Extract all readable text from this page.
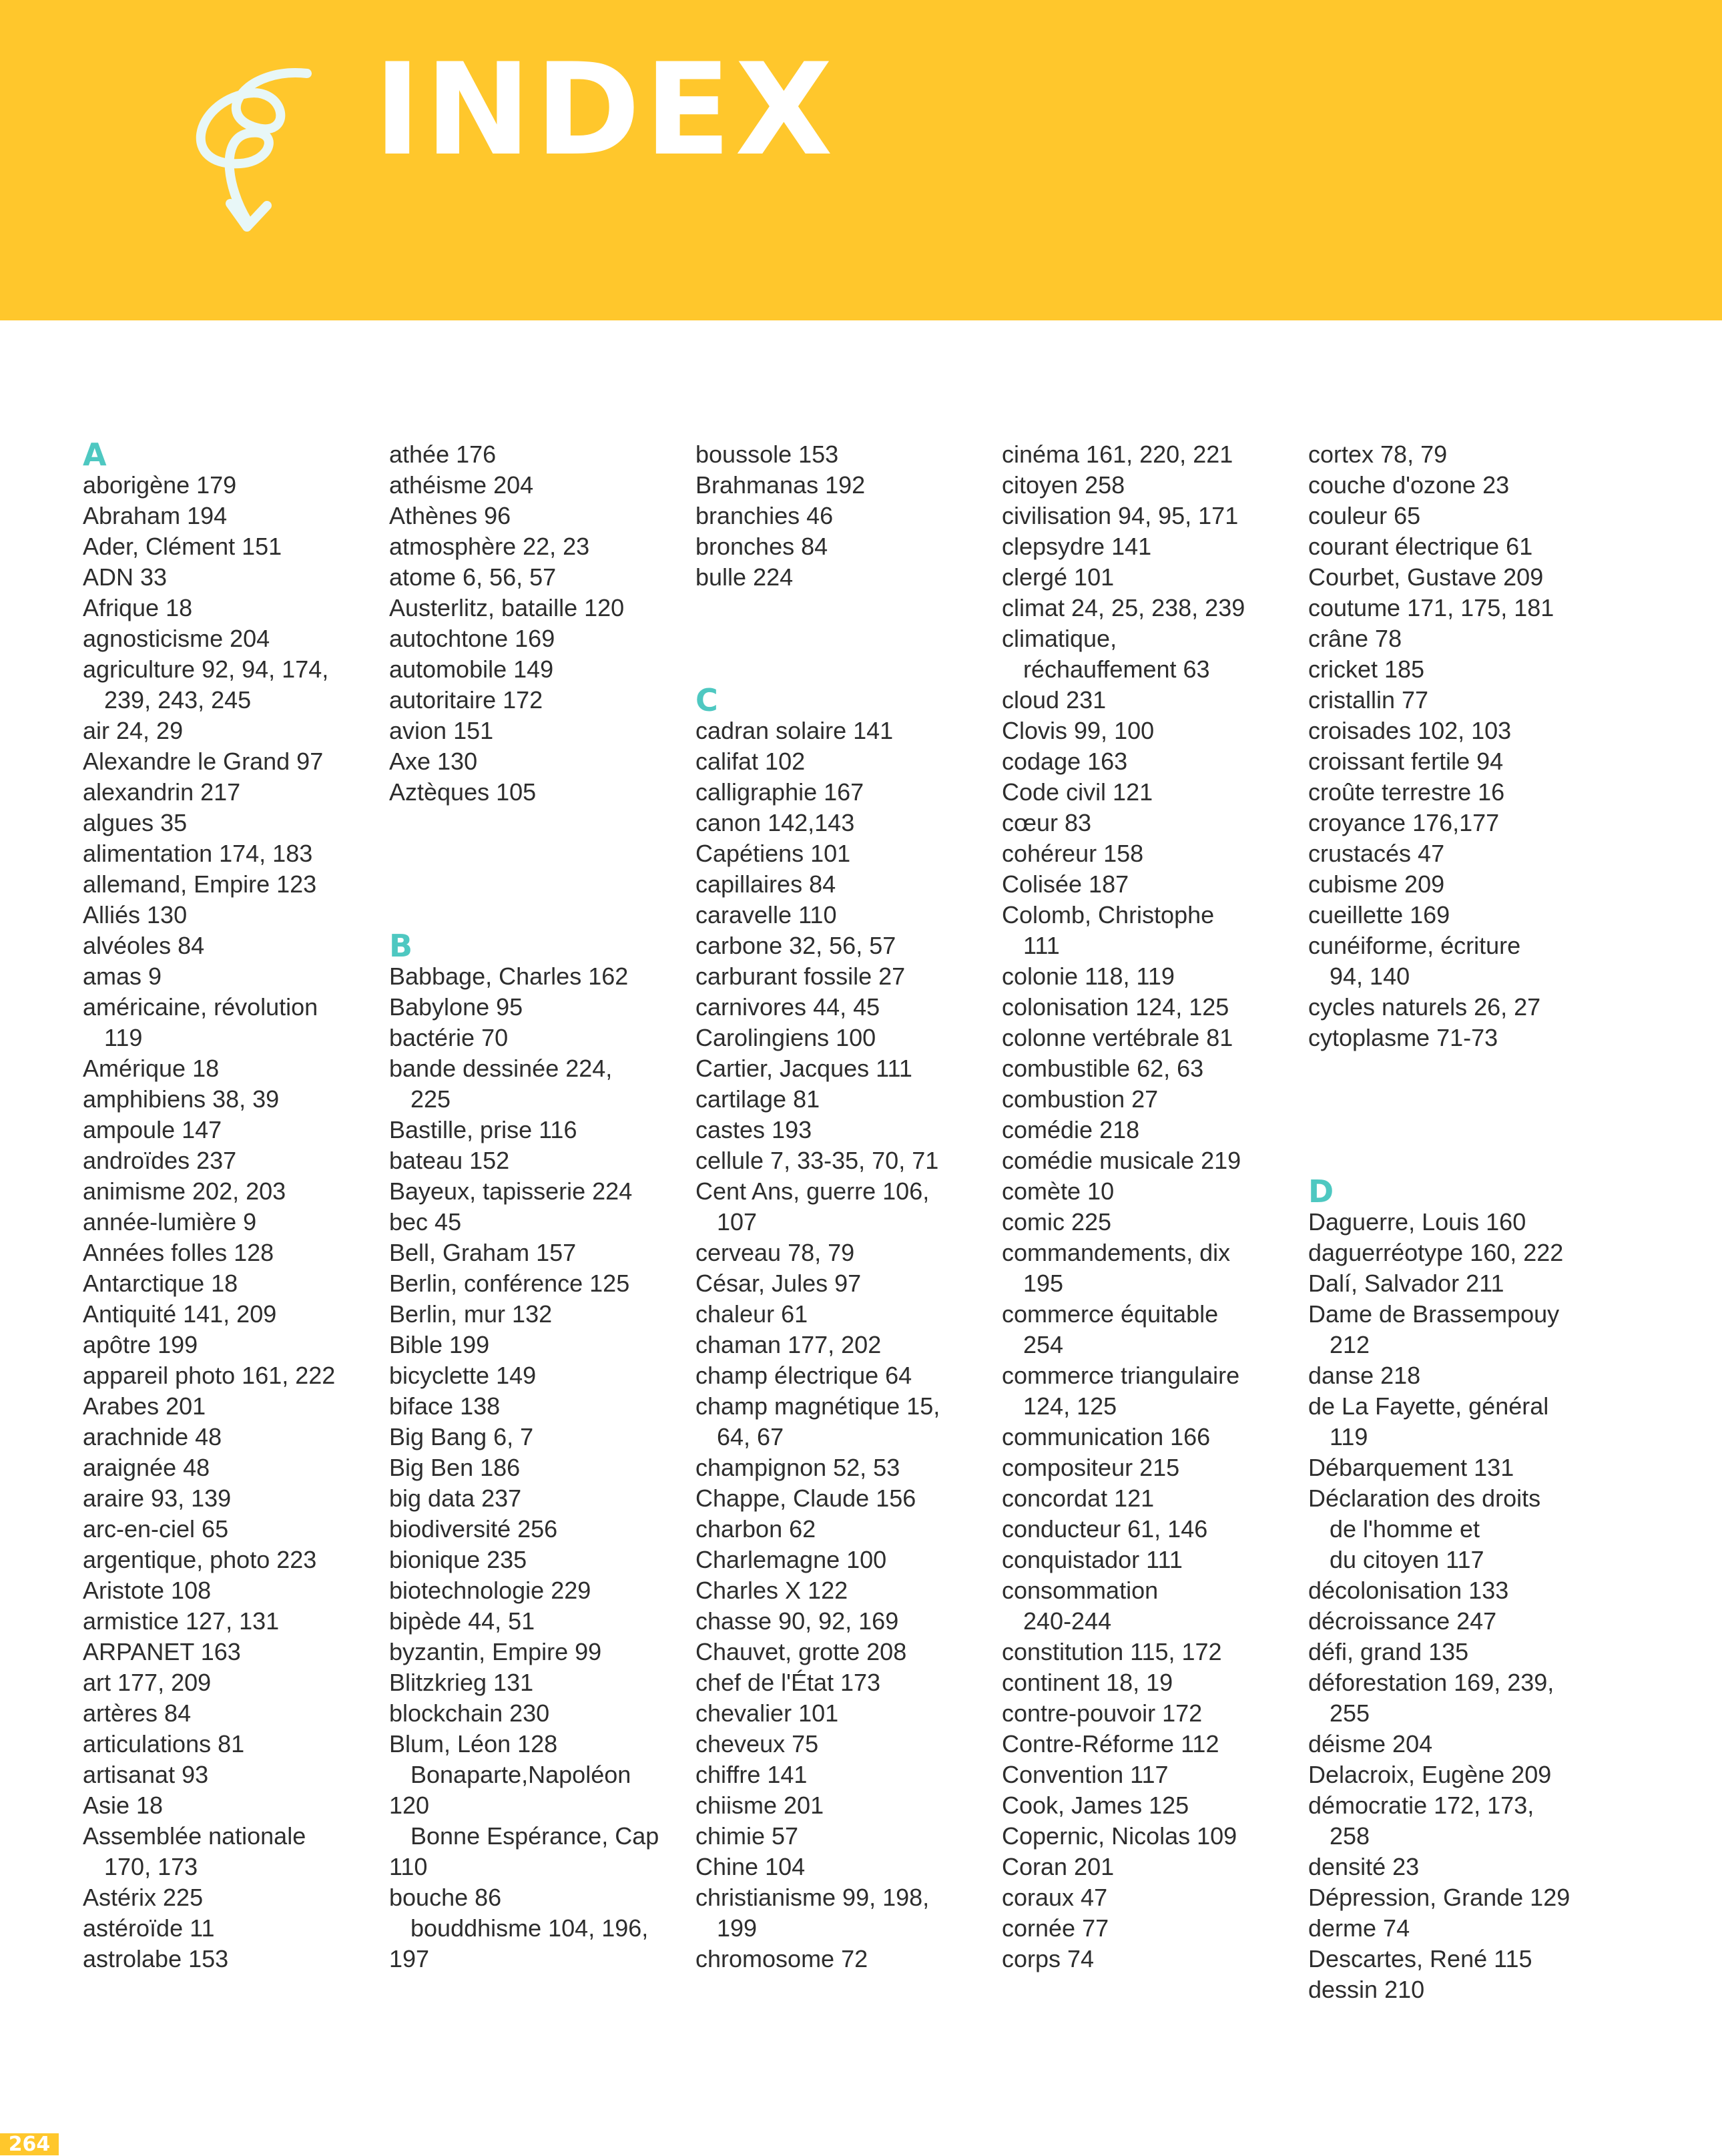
INDEX
A
aborigène 179
Abraham 194
Ader, Clément 151
ADN 33
Afrique 18
agnosticisme 204
agriculture 92, 94, 174,
239, 243, 245
air 24, 29
Alexandre le Grand 97
alexandrin 217
algues 35
alimentation 174, 183
allemand, Empire 123
Alliés 130
alvéoles 84
amas 9
américaine, révolution
119
Amérique 18
amphibiens 38, 39
ampoule 147
androïdes 237
animisme 202, 203
année-lumière 9
Années folles 128
Antarctique 18
Antiquité 141, 209
apôtre 199
appareil photo 161, 222
Arabes 201
arachnide 48
araignée 48
araire 93, 139
arc-en-ciel 65
argentique, photo 223
Aristote 108
armistice 127, 131
ARPANET 163
art 177, 209
artères 84
articulations 81
artisanat 93
Asie 18
Assemblée nationale
170, 173
Astérix 225
astéroïde 11
astrolabe 153
athée 176
athéisme 204
Athènes 96
atmosphère 22, 23
atome 6, 56, 57
Austerlitz, bataille 120
autochtone 169
automobile 149
autoritaire 172
avion 151
Axe 130
Aztèques 105
B
Babbage, Charles 162
Babylone 95
bactérie 70
bande dessinée 224,
225
Bastille, prise 116
bateau 152
Bayeux, tapisserie 224
bec 45
Bell, Graham 157
Berlin, conférence 125
Berlin, mur 132
Bible 199
bicyclette 149
biface 138
Big Bang 6, 7
Big Ben 186
big data 237
biodiversité 256
bionique 235
biotechnologie 229
bipède 44, 51
byzantin, Empire 99
Blitzkrieg 131
blockchain 230
Blum, Léon 128
Bonaparte,Napoléon
120
Bonne Espérance, Cap
110
bouche 86
bouddhisme 104, 196,
197
boussole 153
Brahmanas 192
branchies 46
bronches 84
bulle 224
C
cadran solaire 141
califat 102
calligraphie 167
canon 142,143
Capétiens 101
capillaires 84
caravelle 110
carbone 32, 56, 57
carburant fossile 27
carnivores 44, 45
Carolingiens 100
Cartier, Jacques 111
cartilage 81
castes 193
cellule 7, 33-35, 70, 71
Cent Ans, guerre 106,
107
cerveau 78, 79
César, Jules 97
chaleur 61
chaman 177, 202
champ électrique 64
champ magnétique 15,
64, 67
champignon 52, 53
Chappe, Claude 156
charbon 62
Charlemagne 100
Charles X 122
chasse 90, 92, 169
Chauvet, grotte 208
chef de l'État 173
chevalier 101
cheveux 75
chiffre 141
chiisme 201
chimie 57
Chine 104
christianisme 99, 198,
199
chromosome 72
cinéma 161, 220, 221
citoyen 258
civilisation 94, 95, 171
clepsydre 141
clergé 101
climat 24, 25, 238, 239
climatique,
réchauffement 63
cloud 231
Clovis 99, 100
codage 163
Code civil 121
cœur 83
cohéreur 158
Colisée 187
Colomb, Christophe
111
colonie 118, 119
colonisation 124, 125
colonne vertébrale 81
combustible 62, 63
combustion 27
comédie 218
comédie musicale 219
comète 10
comic 225
commandements, dix
195
commerce équitable
254
commerce triangulaire
124, 125
communication 166
compositeur 215
concordat 121
conducteur 61, 146
conquistador 111
consommation
240-244
constitution 115, 172
continent 18, 19
contre-pouvoir 172
Contre-Réforme 112
Convention 117
Cook, James 125
Copernic, Nicolas 109
Coran 201
coraux 47
cornée 77
corps 74
cortex 78, 79
couche d'ozone 23
couleur 65
courant électrique 61
Courbet, Gustave 209
coutume 171, 175, 181
crâne 78
cricket 185
cristallin 77
croisades 102, 103
croissant fertile 94
croûte terrestre 16
croyance 176,177
crustacés 47
cubisme 209
cueillette 169
cunéiforme, écriture
94, 140
cycles naturels 26, 27
cytoplasme 71-73
D
Daguerre, Louis 160
daguerréotype 160, 222
Dalí, Salvador 211
Dame de Brassempouy
212
danse 218
de La Fayette, général
119
Débarquement 131
Déclaration des droits
de l'homme et
du citoyen 117
décolonisation 133
décroissance 247
défi, grand 135
déforestation 169, 239,
255
déisme 204
Delacroix, Eugène 209
démocratie 172, 173,
258
densité 23
Dépression, Grande 129
derme 74
Descartes, René 115
dessin 210
264
